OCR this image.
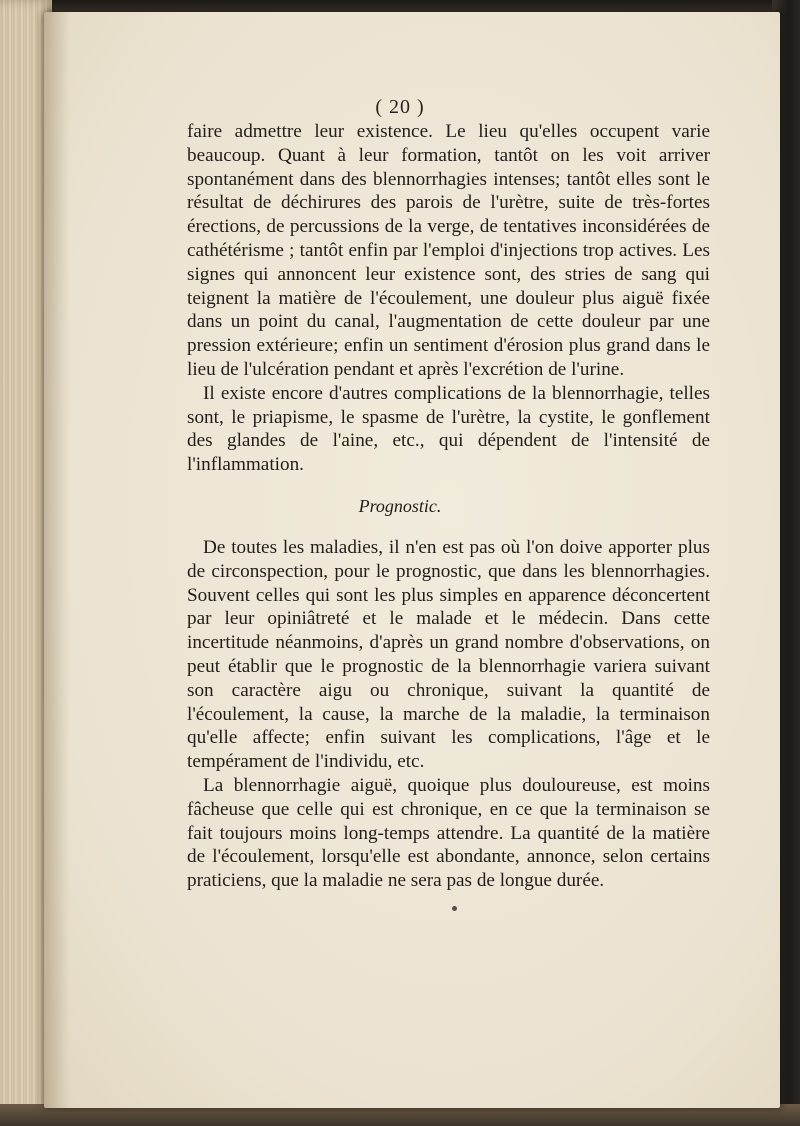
( 20 )

faire admettre leur existence. Le lieu qu'elles occupent varie beaucoup. Quant à leur formation, tantôt on les voit arriver spontanément dans des blennorrhagies intenses; tantôt elles sont le résultat de déchirures des parois de l'urètre, suite de très-fortes érections, de percussions de la verge, de tentatives inconsidérées de cathétérisme ; tantôt enfin par l'emploi d'injections trop actives. Les signes qui annoncent leur existence sont, des stries de sang qui teignent la matière de l'écoulement, une douleur plus aiguë fixée dans un point du canal, l'augmentation de cette douleur par une pression extérieure; enfin un sentiment d'érosion plus grand dans le lieu de l'ulcération pendant et après l'excrétion de l'urine.

Il existe encore d'autres complications de la blennorrhagie, telles sont, le priapisme, le spasme de l'urètre, la cystite, le gonflement des glandes de l'aine, etc., qui dépendent de l'intensité de l'inflammation.

Prognostic.

De toutes les maladies, il n'en est pas où l'on doive apporter plus de circonspection, pour le prognostic, que dans les blennorrhagies. Souvent celles qui sont les plus simples en apparence déconcertent par leur opiniâtreté et le malade et le médecin. Dans cette incertitude néanmoins, d'après un grand nombre d'observations, on peut établir que le prognostic de la blennorrhagie variera suivant son caractère aigu ou chronique, suivant la quantité de l'écoulement, la cause, la marche de la maladie, la terminaison qu'elle affecte; enfin suivant les complications, l'âge et le tempérament de l'individu, etc.

La blennorrhagie aiguë, quoique plus douloureuse, est moins fâcheuse que celle qui est chronique, en ce que la terminaison se fait toujours moins long-temps attendre. La quantité de la matière de l'écoulement, lorsqu'elle est abondante, annonce, selon certains praticiens, que la maladie ne sera pas de longue durée.
